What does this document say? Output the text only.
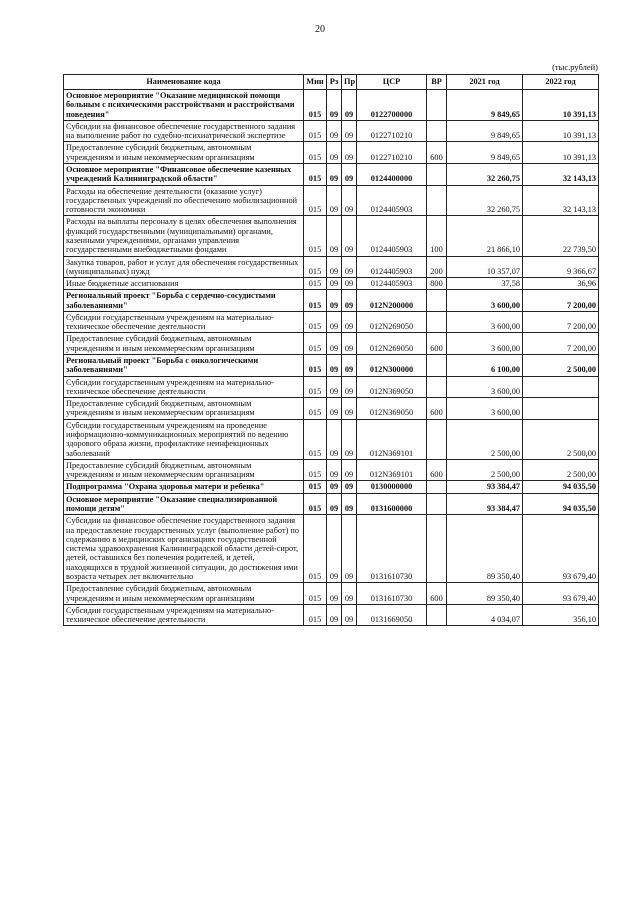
20
(тыс.рублей)
Наименование кода	Мин	Рз	Пр	ЦСР	ВР	2021 год	2022 год
Основное мероприятие "Оказание медицинской помощи больным с психическими расстройствами и расстройствами поведения"	015	09	09	0122700000		9 849,65	10 391,13
Субсидии на финансовое обеспечение государственного задания на выполнение работ по судебно-психиатрической экспертизе	015	09	09	0122710210		9 849,65	10 391,13
Предоставление субсидий бюджетным, автономным учреждениям и иным некоммерческим организациям	015	09	09	0122710210	600	9 849,65	10 391,13
Основное мероприятие "Финансовое обеспечение казенных учреждений Калининградской области"	015	09	09	0124400000		32 260,75	32 143,13
Расходы на обеспечение деятельности (оказание услуг) государственных учреждений по обеспечению мобилизационной готовности экономики	015	09	09	0124405903		32 260,75	32 143,13
Расходы на выплаты персоналу в целях обеспечения выполнения функций государственными (муниципальными) органами, казенными учреждениями, органами управления государственными внебюджетными фондами	015	09	09	0124405903	100	21 866,10	22 739,50
Закупка товаров, работ и услуг для обеспечения государственных (муниципальных) нужд	015	09	09	0124405903	200	10 357,07	9 366,67
Иные бюджетные ассигнования	015	09	09	0124405903	800	37,58	36,96
Региональный проект "Борьба с сердечно-сосудистыми заболеваниями"	015	09	09	012N200000		3 600,00	7 200,00
Субсидии государственным учреждениям на материально-техническое обеспечение деятельности	015	09	09	012N269050		3 600,00	7 200,00
Предоставление субсидий бюджетным, автономным учреждениям и иным некоммерческим организациям	015	09	09	012N269050	600	3 600,00	7 200,00
Региональный проект "Борьба с онкологическими заболеваниями"	015	09	09	012N300000		6 100,00	2 500,00
Субсидии государственным учреждениям на материально-техническое обеспечение деятельности	015	09	09	012N369050		3 600,00	
Предоставление субсидий бюджетным, автономным учреждениям и иным некоммерческим организациям	015	09	09	012N369050	600	3 600,00	
Субсидии государственным учреждениям на проведение информационно-коммуникационных мероприятий по ведению здорового образа жизни, профилактике неинфекционных заболеваний	015	09	09	012N369101		2 500,00	2 500,00
Предоставление субсидий бюджетным, автономным учреждениям и иным некоммерческим организациям	015	09	09	012N369101	600	2 500,00	2 500,00
Подпрограмма "Охрана здоровья матери и ребенка"	015	09	09	0130000000		93 384,47	94 035,50
Основное мероприятие "Оказание специализированной помощи детям"	015	09	09	0131600000		93 384,47	94 035,50
Субсидии на финансовое обеспечение государственного задания на предоставление государственных услуг (выполнение работ) по содержанию в медицинских организациях государственной системы здравоохранения Калининградской области детей-сирот, детей, оставшихся без попечения родителей, и детей, находящихся в трудной жизненной ситуации, до достижения ими возраста четырех лет включительно	015	09	09	0131610730		89 350,40	93 679,40
Предоставление субсидий бюджетным, автономным учреждениям и иным некоммерческим организациям	015	09	09	0131610730	600	89 350,40	93 679,40
Субсидии государственным учреждениям на материально-техническое обеспечение деятельности	015	09	09	0131669050		4 034,07	356,10
